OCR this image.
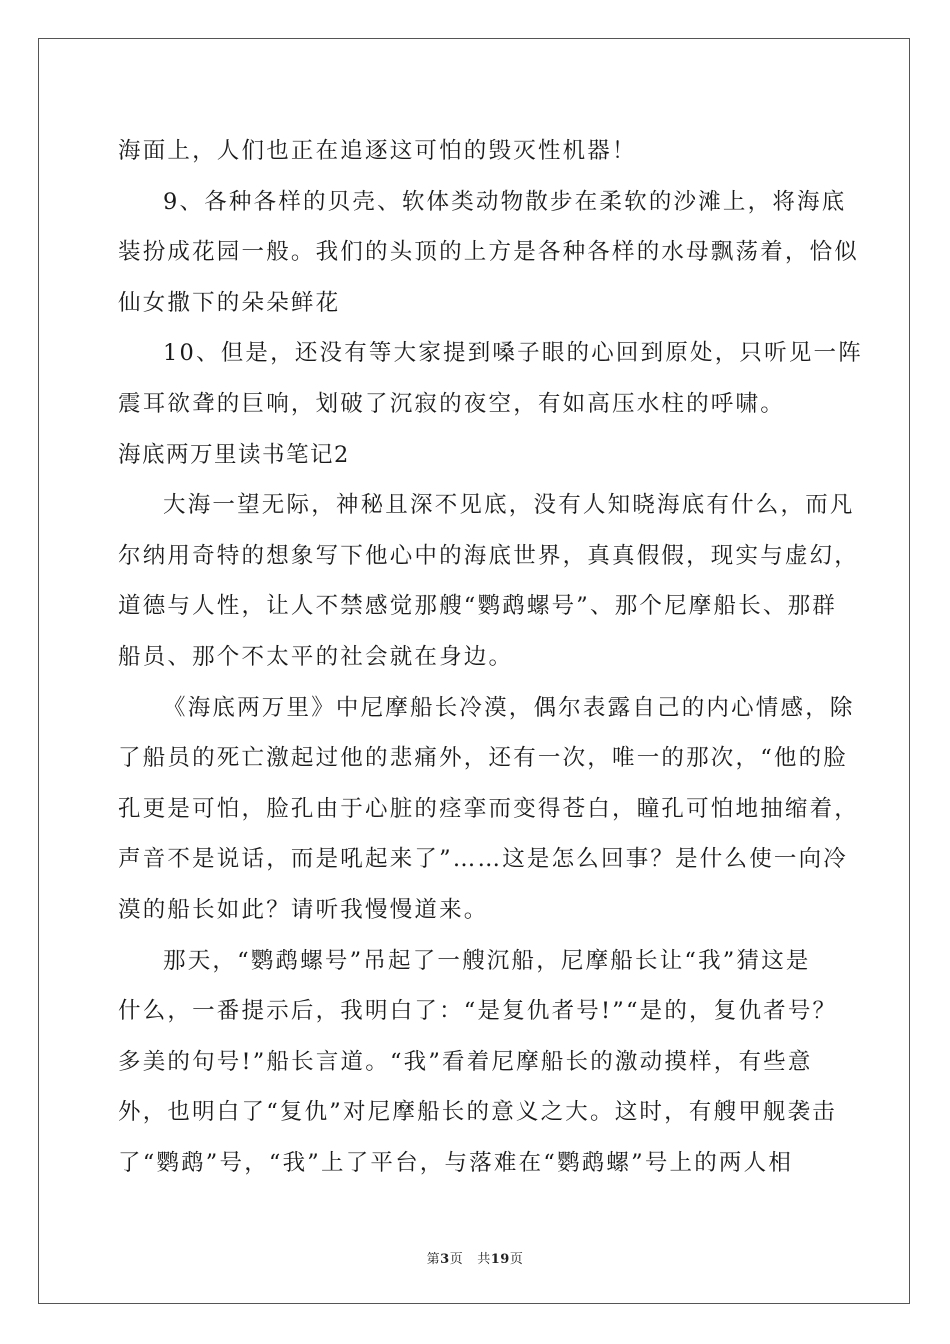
海面上，人们也正在追逐这可怕的毁灭性机器！
9、各种各样的贝壳、软体类动物散步在柔软的沙滩上，将海底
装扮成花园一般。我们的头顶的上方是各种各样的水母飘荡着，恰似
仙女撒下的朵朵鲜花
10、但是，还没有等大家提到嗓子眼的心回到原处，只听见一阵
震耳欲聋的巨响，划破了沉寂的夜空，有如高压水柱的呼啸。
海底两万里读书笔记2
大海一望无际，神秘且深不见底，没有人知晓海底有什么，而凡
尔纳用奇特的想象写下他心中的海底世界，真真假假，现实与虚幻，
道德与人性，让人不禁感觉那艘“鹦鹉螺号”、那个尼摩船长、那群
船员、那个不太平的社会就在身边。
《海底两万里》中尼摩船长冷漠，偶尔表露自己的内心情感，除
了船员的死亡激起过他的悲痛外，还有一次，唯一的那次，“他的脸
孔更是可怕，脸孔由于心脏的痉挛而变得苍白，瞳孔可怕地抽缩着，
声音不是说话，而是吼起来了”……这是怎么回事？是什么使一向冷
漠的船长如此？请听我慢慢道来。
那天，“鹦鹉螺号”吊起了一艘沉船，尼摩船长让“我”猜这是
什么，一番提示后，我明白了：“是复仇者号!”“是的，复仇者号？
多美的句号!”船长言道。“我”看着尼摩船长的激动摸样，有些意
外，也明白了“复仇”对尼摩船长的意义之大。这时，有艘甲舰袭击
了“鹦鹉”号，“我”上了平台，与落难在“鹦鹉螺”号上的两人相
第3页 共19页
